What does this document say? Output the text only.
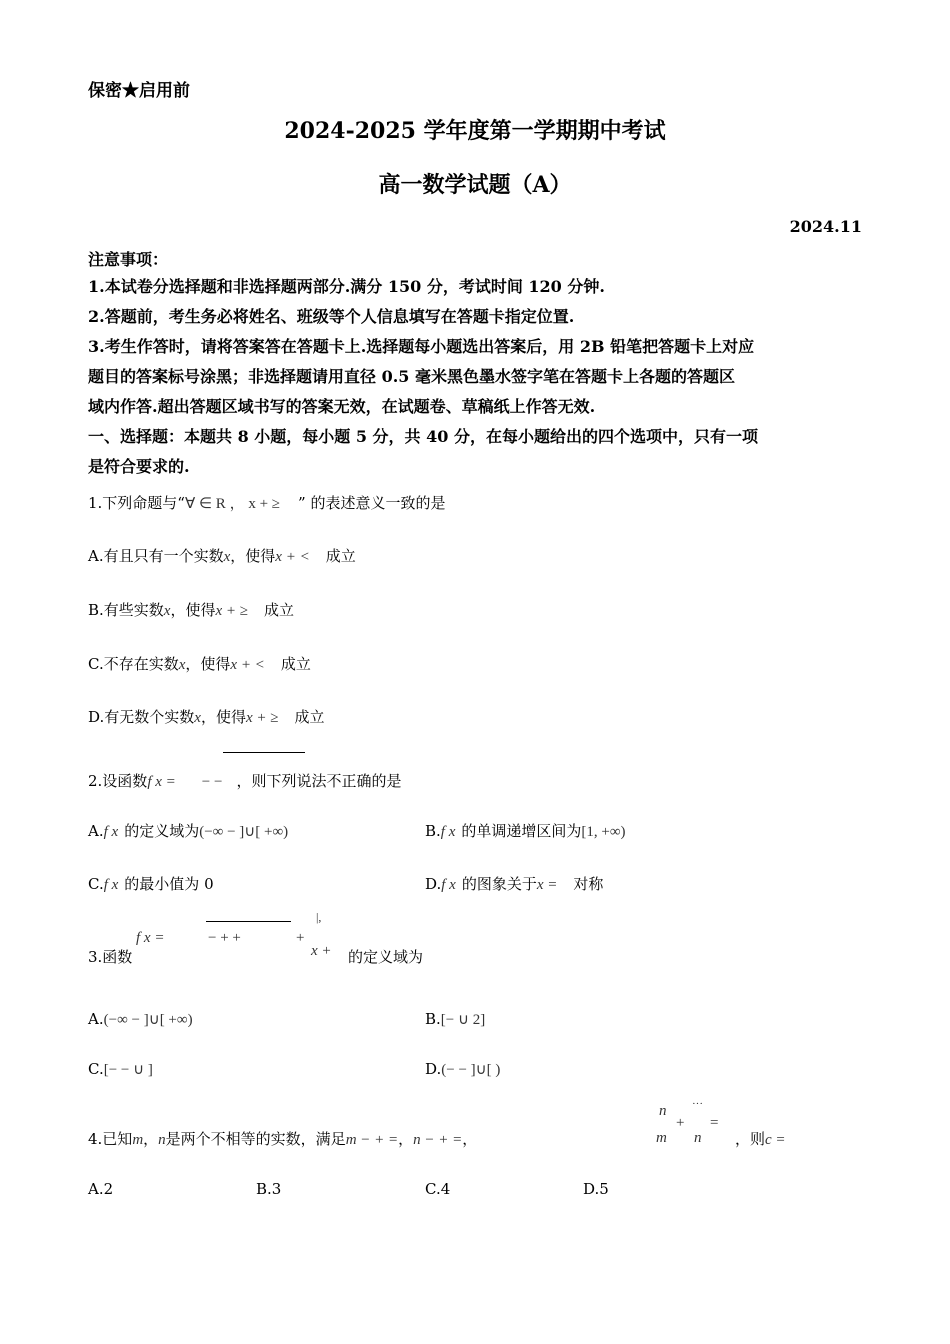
保密★启用前
2024-2025 学年度第一学期期中考试
高一数学试题（A）
2024.11
注意事项：
1.本试卷分选择题和非选择题两部分.满分 150 分，考试时间 120 分钟.
2.答题前，考生务必将姓名、班级等个人信息填写在答题卡指定位置.
3.考生作答时，请将答案答在答题卡上.选择题每小题选出答案后，用 2B 铅笔把答题卡上对应
题目的答案标号涂黑；非选择题请用直径 0.5 毫米黑色墨水签字笔在答题卡上各题的答题区
域内作答.超出答题区域书写的答案无效，在试题卷、草稿纸上作答无效.
一、选择题：本题共 8 小题，每小题 5 分，共 40 分，在每小题给出的四个选项中，只有一项
是符合要求的.
1.下列命题与“∀ ∈ R ， x + ≥ ” 的表述意义一致的是
A.有且只有一个实数x，使得x + < 成立
B.有些实数x，使得x + ≥ 成立
C.不存在实数x，使得x + < 成立
D.有无数个实数x，使得x + ≥ 成立
2.设函数f x = − − ，则下列说法不正确的是
A.f x 的定义域为(−∞ − ]∪[ +∞)	B.f x 的单调递增区间为[1, +∞)
C.f x 的最小值为 0	D.f x 的图象关于x = 对称
|,
x +
3.函数
f x =	− + +	+
的定义域为
A.(−∞ − ]∪[ +∞)	B.[− ∪ 2]
C.[− − ∪ ]	D.(− − ]∪[ )
n
m
+
···
n
=
4.已知m，n是两个不相等的实数，满足m − + =，n − + =，	，则c =
A.2	B.3	C.4	D.5
